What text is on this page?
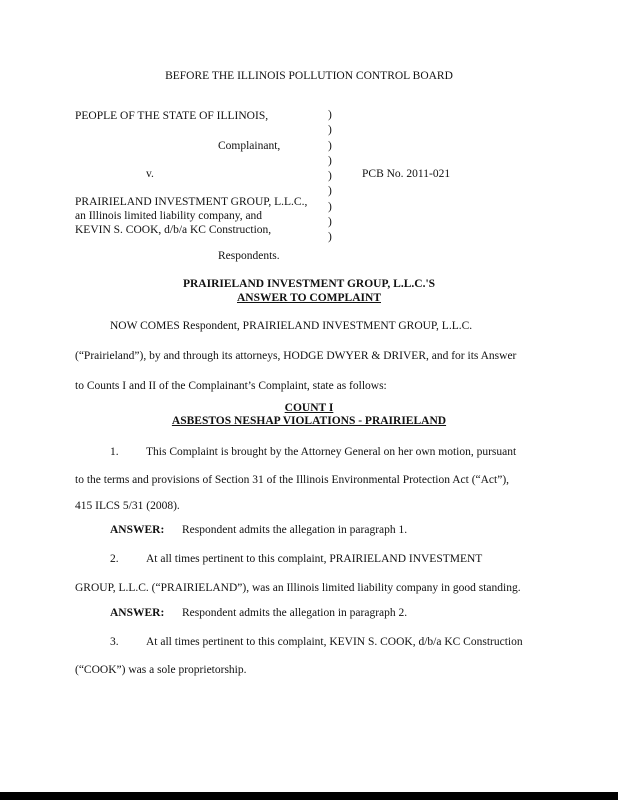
BEFORE THE ILLINOIS POLLUTION CONTROL BOARD
PEOPLE OF THE STATE OF ILLINOIS,
Complainant,
v.	PCB No. 2011-021
PRAIRIELAND INVESTMENT GROUP, L.L.C.,
an Illinois limited liability company, and
KEVIN S. COOK, d/b/a KC Construction,
Respondents.
)
)
)
)
)
)
)
)
)
PRAIRIELAND INVESTMENT GROUP, L.L.C.'S
ANSWER TO COMPLAINT
NOW COMES Respondent, PRAIRIELAND INVESTMENT GROUP, L.L.C.
(“Prairieland”), by and through its attorneys, HODGE DWYER & DRIVER, and for its Answer
to Counts I and II of the Complainant’s Complaint, state as follows:
COUNT I
ASBESTOS NESHAP VIOLATIONS - PRAIRIELAND
1. This Complaint is brought by the Attorney General on her own motion, pursuant
to the terms and provisions of Section 31 of the Illinois Environmental Protection Act (“Act”),
415 ILCS 5/31 (2008).
ANSWER: Respondent admits the allegation in paragraph 1.
2. At all times pertinent to this complaint, PRAIRIELAND INVESTMENT
GROUP, L.L.C. (“PRAIRIELAND”), was an Illinois limited liability company in good standing.
ANSWER: Respondent admits the allegation in paragraph 2.
3. At all times pertinent to this complaint, KEVIN S. COOK, d/b/a KC Construction
(“COOK”) was a sole proprietorship.
